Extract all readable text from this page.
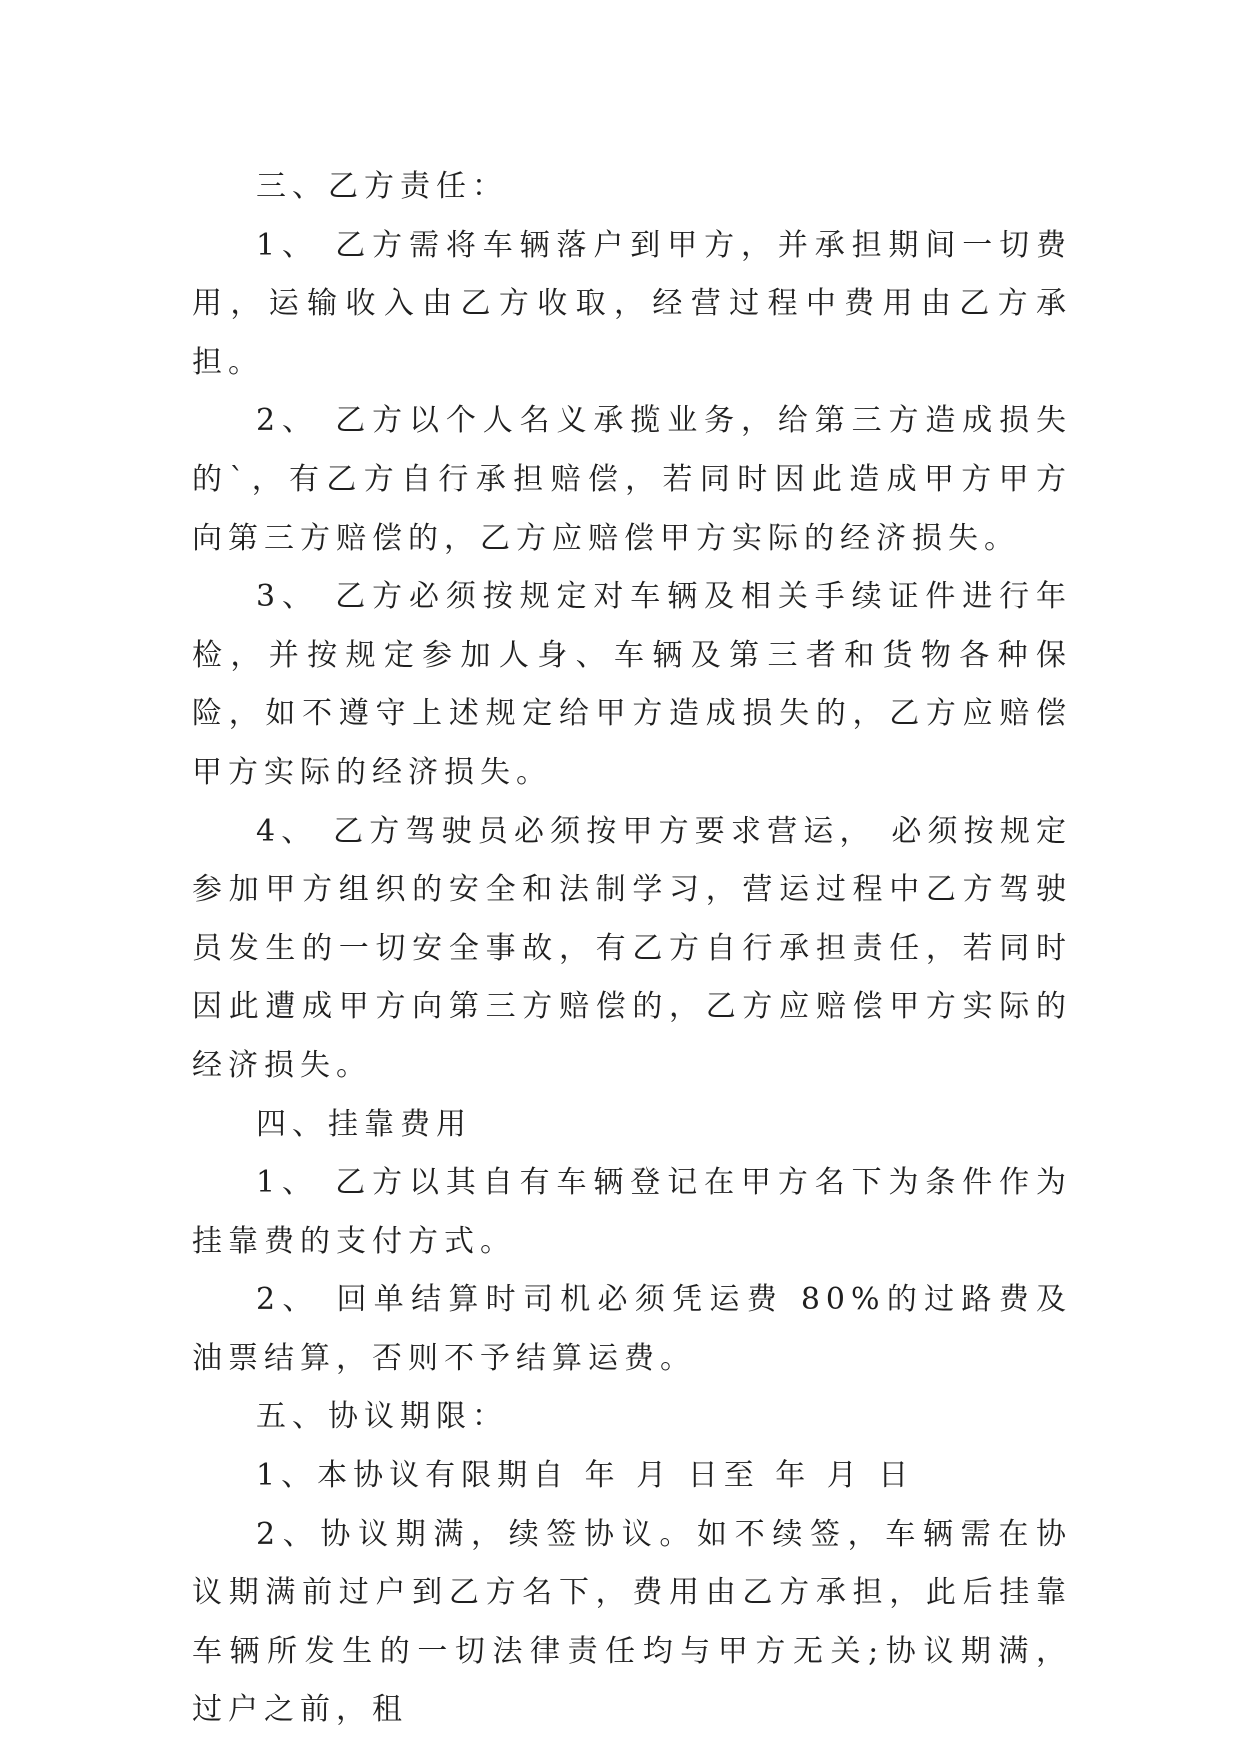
三、乙方责任：

1、 乙方需将车辆落户到甲方，并承担期间一切费用，运输收入由乙方收取，经营过程中费用由乙方承担。

2、 乙方以个人名义承揽业务，给第三方造成损失的`，有乙方自行承担赔偿，若同时因此造成甲方甲方向第三方赔偿的，乙方应赔偿甲方实际的经济损失。

3、 乙方必须按规定对车辆及相关手续证件进行年检，并按规定参加人身、车辆及第三者和货物各种保险，如不遵守上述规定给甲方造成损失的，乙方应赔偿甲方实际的经济损失。

4、 乙方驾驶员必须按甲方要求营运， 必须按规定参加甲方组织的安全和法制学习，营运过程中乙方驾驶员发生的一切安全事故，有乙方自行承担责任，若同时因此遭成甲方向第三方赔偿的，乙方应赔偿甲方实际的经济损失。

四、挂靠费用

1、 乙方以其自有车辆登记在甲方名下为条件作为挂靠费的支付方式。

2、 回单结算时司机必须凭运费 80%的过路费及油票结算，否则不予结算运费。

五、协议期限：

1、本协议有限期自 年 月 日至 年 月 日

2、协议期满，续签协议。如不续签，车辆需在协议期满前过户到乙方名下，费用由乙方承担，此后挂靠车辆所发生的一切法律责任均与甲方无关;协议期满，过户之前，租
